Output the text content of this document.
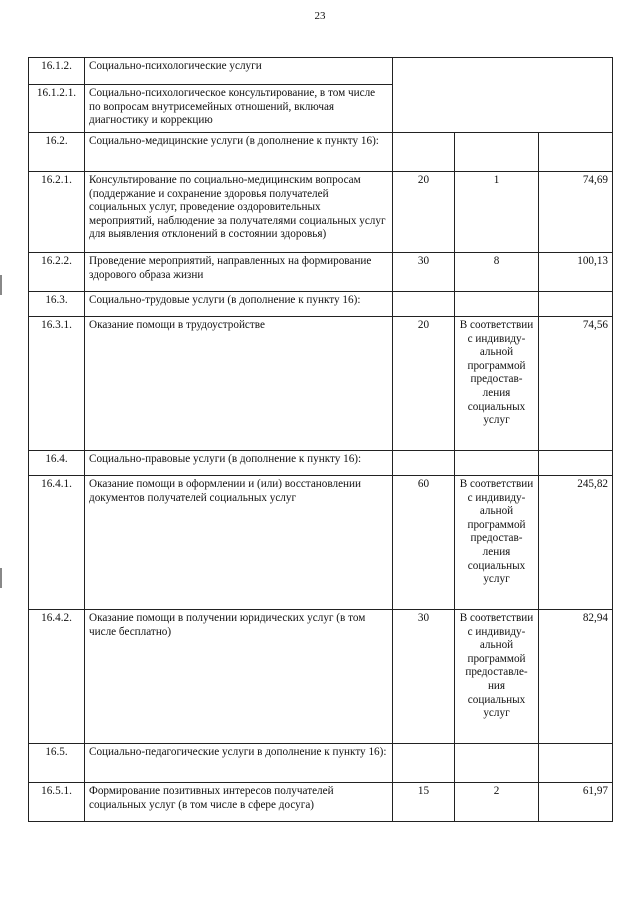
23
16.1.2.	Социально-психологические услуги			
16.1.2.1.	Социально-психологическое консультирование, в том числе по вопросам внутрисемейных отношений, включая диагностику и коррекцию			
16.2.	Социально-медицинские услуги (в дополнение к пункту 16):			
16.2.1.	Консультирование по социально-медицинским вопросам (поддержание и сохранение здоровья получателей социальных услуг, проведение оздоровительных мероприятий, наблюдение за получателями социальных услуг для выявления отклонений в состоянии здоровья)	20	1	74,69
16.2.2.	Проведение мероприятий, направленных на формирование здорового образа жизни	30	8	100,13
16.3.	Социально-трудовые услуги (в дополнение к пункту 16):			
16.3.1.	Оказание помощи в трудоустройстве	20	В соответствии с индивиду-альной программой предостав-ления социальных услуг	74,56
16.4.	Социально-правовые услуги (в дополнение к пункту 16):			
16.4.1.	Оказание помощи в оформлении и (или) восстановлении документов получателей социальных услуг	60	В соответствии с индивиду-альной программой предостав-ления социальных услуг	245,82
16.4.2.	Оказание помощи в получении юридических услуг (в том числе бесплатно)	30	В соответствии с индивиду-альной программой предоставле-ния социальных услуг	82,94
16.5.	Социально-педагогические услуги в дополнение к пункту 16):			
16.5.1.	Формирование позитивных интересов получателей социальных услуг (в том числе в сфере досуга)	15	2	61,97
